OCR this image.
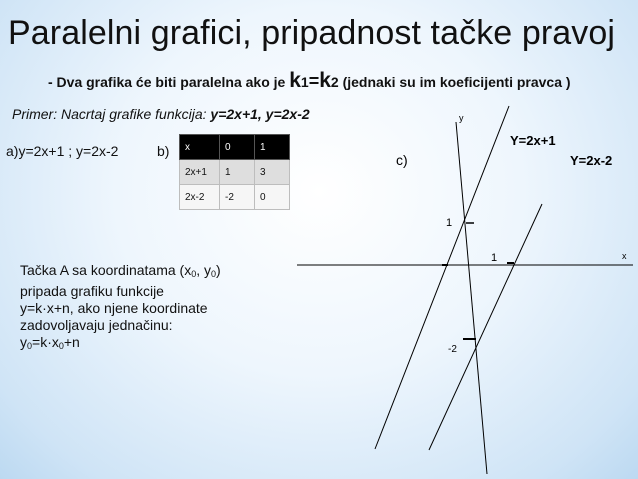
Paralelni grafici, pripadnost tačke pravoj
- Dva grafika će biti paralelna ako je k1=k2 (jednaki su im koeficijenti pravca )
Primer: Nacrtaj grafike funkcija: y=2x+1, y=2x-2
a)y=2x+1 ; y=2x-2	b) x	0	1
2x+1	1	3
2x-2	-2	0
Tačka A sa koordinatama ($x_0$, $y_0$)
pripada grafiku funkcije
y=k·x+n, ako njene koordinate
zadovoljavaju jednačinu:
$y_0=k\cdot x_0+n$
c)
y
x
1
1
-2
Y=2x+1
Y=2x-2
